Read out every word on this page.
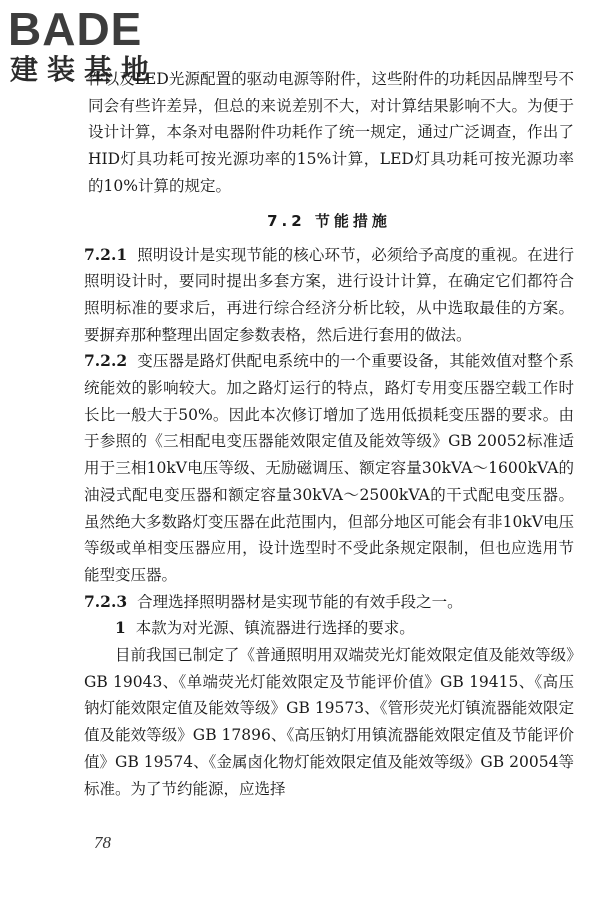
BADE
建装基地

件以及LED光源配置的驱动电源等附件，这些附件的功耗因品牌型号不同会有些许差异，但总的来说差别不大，对计算结果影响不大。为便于设计计算，本条对电器附件功耗作了统一规定，通过广泛调查，作出了HID灯具功耗可按光源功率的15%计算，LED灯具功耗可按光源功率的10%计算的规定。

7.2 节能措施

7.2.1 照明设计是实现节能的核心环节，必须给予高度的重视。在进行照明设计时，要同时提出多套方案，进行设计计算，在确定它们都符合照明标准的要求后，再进行综合经济分析比较，从中选取最佳的方案。要摒弃那种整理出固定参数表格，然后进行套用的做法。

7.2.2 变压器是路灯供配电系统中的一个重要设备，其能效值对整个系统能效的影响较大。加之路灯运行的特点，路灯专用变压器空载工作时长比一般大于50%。因此本次修订增加了选用低损耗变压器的要求。由于参照的《三相配电变压器能效限定值及能效等级》GB 20052标准适用于三相10kV电压等级、无励磁调压、额定容量30kVA～1600kVA的油浸式配电变压器和额定容量30kVA～2500kVA的干式配电变压器。虽然绝大多数路灯变压器在此范围内，但部分地区可能会有非10kV电压等级或单相变压器应用，设计选型时不受此条规定限制，但也应选用节能型变压器。

7.2.3 合理选择照明器材是实现节能的有效手段之一。

1 本款为对光源、镇流器进行选择的要求。

目前我国已制定了《普通照明用双端荧光灯能效限定值及能效等级》GB 19043、《单端荧光灯能效限定及节能评价值》GB 19415、《高压钠灯能效限定值及能效等级》GB 19573、《管形荧光灯镇流器能效限定值及能效等级》GB 17896、《高压钠灯用镇流器能效限定值及节能评价值》GB 19574、《金属卤化物灯能效限定值及能效等级》GB 20054等标准。为了节约能源，应选择

78
